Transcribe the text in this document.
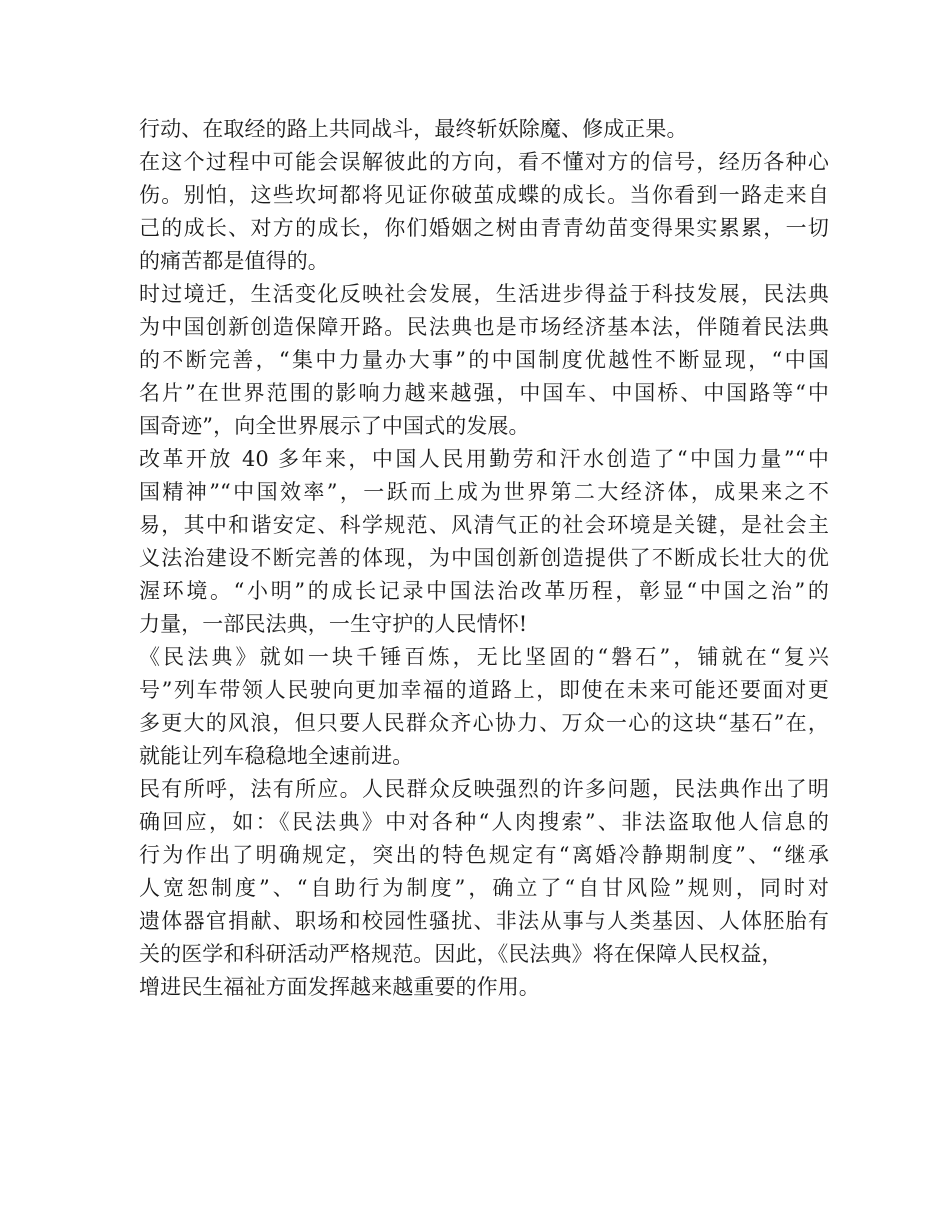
行动、在取经的路上共同战斗，最终斩妖除魔、修成正果。
在这个过程中可能会误解彼此的方向，看不懂对方的信号，经历各种心
伤。别怕，这些坎坷都将见证你破茧成蝶的成长。当你看到一路走来自
己的成长、对方的成长，你们婚姻之树由青青幼苗变得果实累累，一切
的痛苦都是值得的。
时过境迁，生活变化反映社会发展，生活进步得益于科技发展，民法典
为中国创新创造保障开路。民法典也是市场经济基本法，伴随着民法典
的不断完善，“集中力量办大事”的中国制度优越性不断显现，“中国
名片”在世界范围的影响力越来越强，中国车、中国桥、中国路等“中
国奇迹”，向全世界展示了中国式的发展。
改革开放 40 多年来，中国人民用勤劳和汗水创造了“中国力量”“中
国精神”“中国效率”，一跃而上成为世界第二大经济体，成果来之不
易，其中和谐安定、科学规范、风清气正的社会环境是关键，是社会主
义法治建设不断完善的体现，为中国创新创造提供了不断成长壮大的优
渥环境。“小明”的成长记录中国法治改革历程，彰显“中国之治”的
力量，一部民法典，一生守护的人民情怀!
《民法典》就如一块千锤百炼，无比坚固的“磐石”，铺就在“复兴
号”列车带领人民驶向更加幸福的道路上，即使在未来可能还要面对更
多更大的风浪，但只要人民群众齐心协力、万众一心的这块“基石”在，
就能让列车稳稳地全速前进。
民有所呼，法有所应。人民群众反映强烈的许多问题，民法典作出了明
确回应，如：《民法典》中对各种“人肉搜索”、非法盗取他人信息的
行为作出了明确规定，突出的特色规定有“离婚冷静期制度”、“继承
人宽恕制度”、“自助行为制度”，确立了“自甘风险”规则，同时对
遗体器官捐献、职场和校园性骚扰、非法从事与人类基因、人体胚胎有
关的医学和科研活动严格规范。因此，《民法典》将在保障人民权益，
增进民生福祉方面发挥越来越重要的作用。
